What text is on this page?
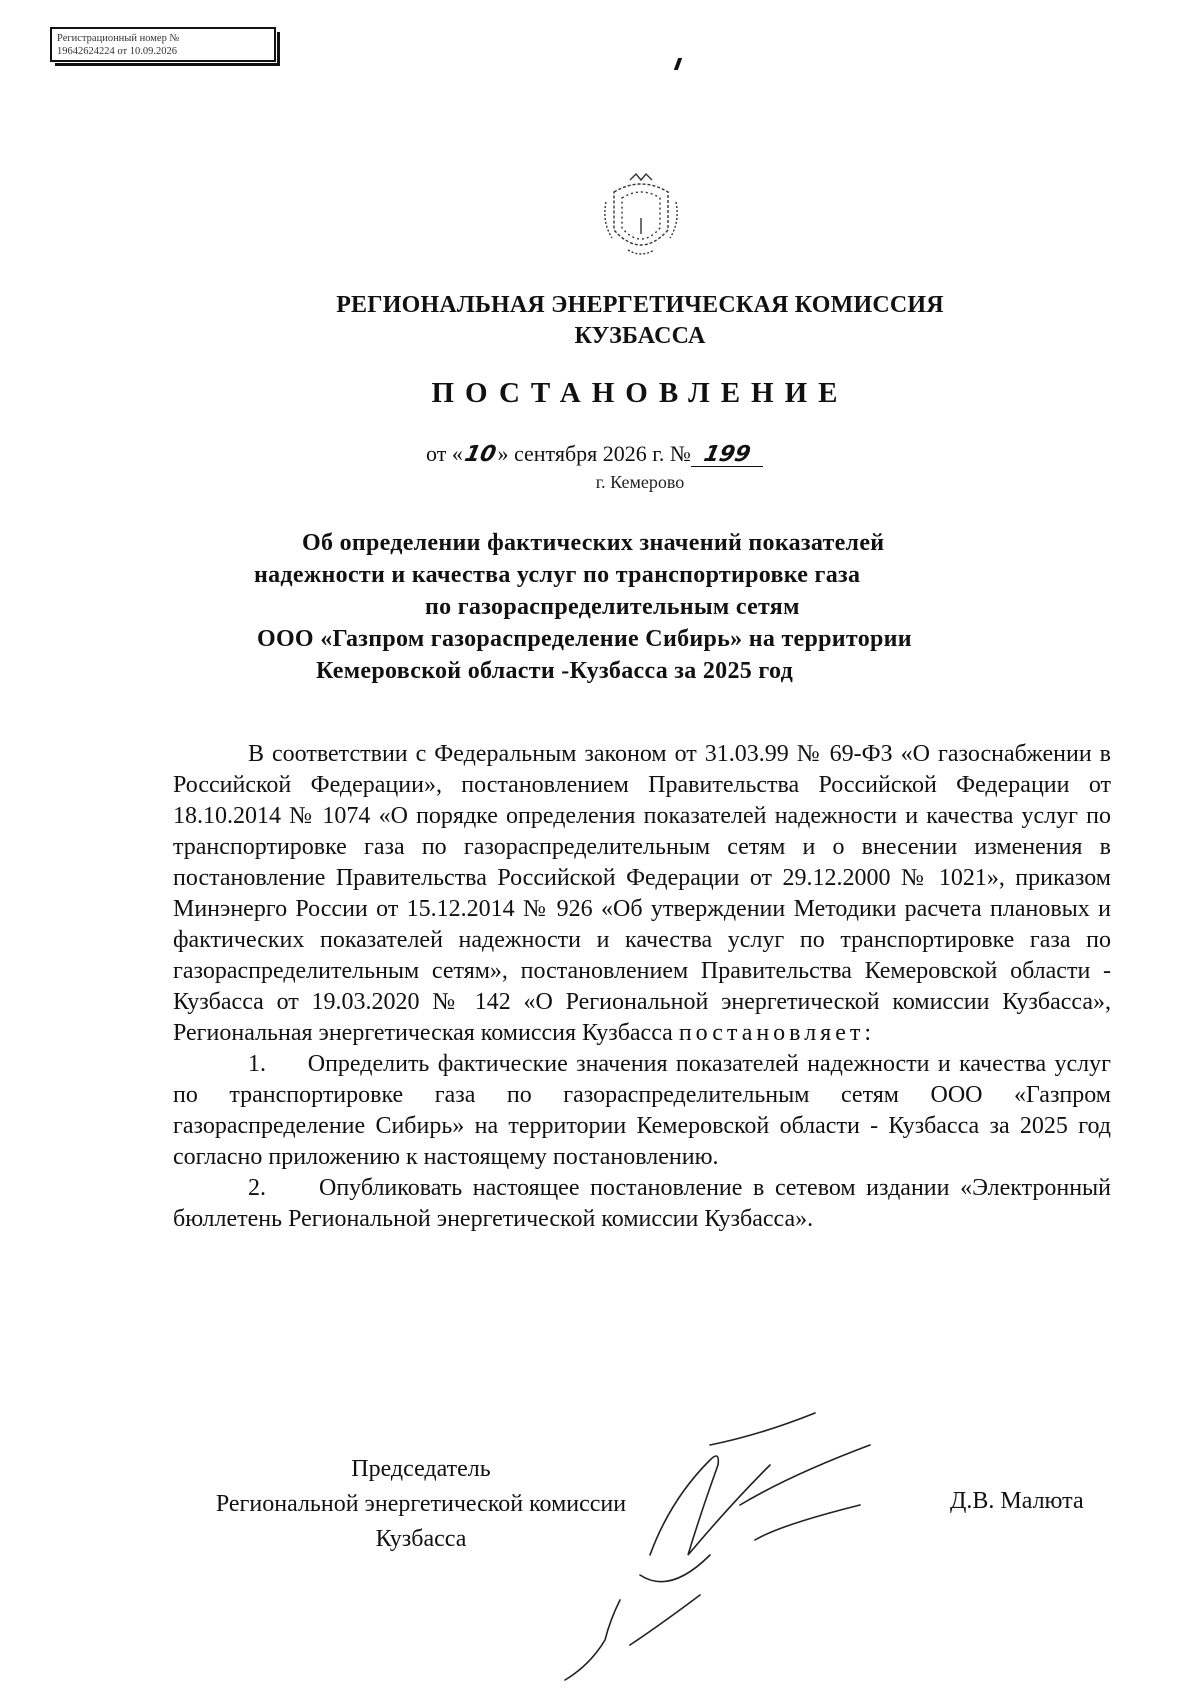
Регистрационный номер №
19642624224 от 10.09.2026
РЕГИОНАЛЬНАЯ ЭНЕРГЕТИЧЕСКАЯ КОМИССИЯ
КУЗБАССА
ПОСТАНОВЛЕНИЕ
от «10» сентября 2026 г. № 199
г. Кемерово
Об определении фактических значений показателей
надежности и качества услуг по транспортировке газа
по газораспределительным сетям
ООО «Газпром газораспределение Сибирь» на территории
Кемеровской области -Кузбасса за 2025 год

В соответствии с Федеральным законом от 31.03.99 № 69-ФЗ «О газоснабжении в Российской Федерации», постановлением Правительства Российской Федерации от 18.10.2014 № 1074 «О порядке определения показателей надежности и качества услуг по транспортировке газа по газораспределительным сетям и о внесении изменения в постановление Правительства Российской Федерации от 29.12.2000 № 1021», приказом Минэнерго России от 15.12.2014 № 926 «Об утверждении Методики расчета плановых и фактических показателей надежности и качества услуг по транспортировке газа по газораспределительным сетям», постановлением Правительства Кемеровской области - Кузбасса от 19.03.2020 № 142 «О Региональной энергетической комиссии Кузбасса», Региональная энергетическая комиссия Кузбасса постановляет:

1. Определить фактические значения показателей надежности и качества услуг по транспортировке газа по газораспределительным сетям ООО «Газпром газораспределение Сибирь» на территории Кемеровской области - Кузбасса за 2025 год согласно приложению к настоящему постановлению.

2. Опубликовать настоящее постановление в сетевом издании «Электронный бюллетень Региональной энергетической комиссии Кузбасса».

Председатель
Региональной энергетической комиссии
Кузбасса
Д.В. Малюта
